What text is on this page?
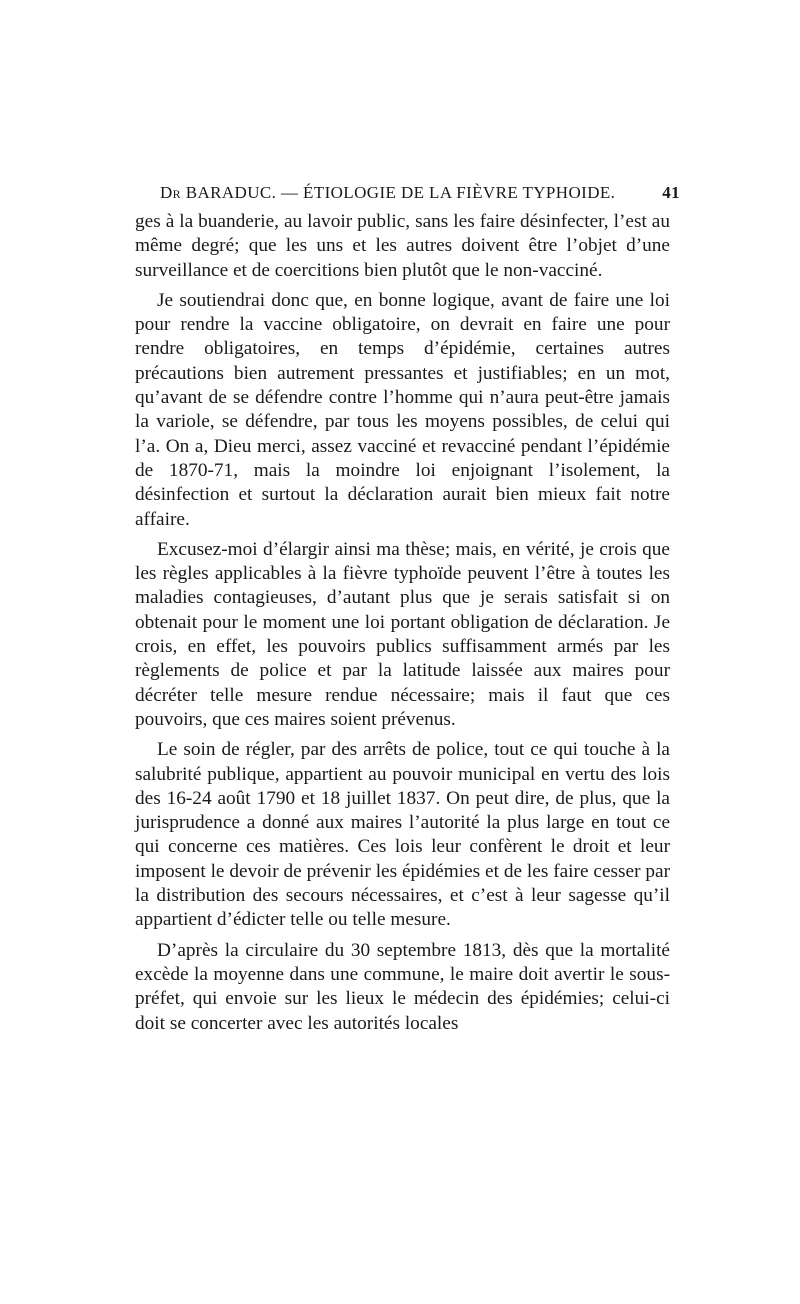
Dr BARADUC. — ÉTIOLOGIE DE LA FIÈVRE TYPHOIDE.	41

ges à la buanderie, au lavoir public, sans les faire désinfecter, l’est au même degré; que les uns et les autres doivent être l’objet d’une surveillance et de coercitions bien plutôt que le non-vacciné.

Je soutiendrai donc que, en bonne logique, avant de faire une loi pour rendre la vaccine obligatoire, on devrait en faire une pour rendre obligatoires, en temps d’épidémie, certaines autres précautions bien autrement pressantes et justifiables; en un mot, qu’avant de se défendre contre l’homme qui n’aura peut-être jamais la variole, se défendre, par tous les moyens possibles, de celui qui l’a. On a, Dieu merci, assez vacciné et revacciné pendant l’épidémie de 1870-71, mais la moindre loi enjoignant l’isolement, la désinfection et surtout la déclaration aurait bien mieux fait notre affaire.

Excusez-moi d’élargir ainsi ma thèse; mais, en vérité, je crois que les règles applicables à la fièvre typhoïde peuvent l’être à toutes les maladies contagieuses, d’autant plus que je serais satisfait si on obtenait pour le moment une loi portant obligation de déclaration. Je crois, en effet, les pouvoirs publics suffisamment armés par les règlements de police et par la latitude laissée aux maires pour décréter telle mesure rendue nécessaire; mais il faut que ces pouvoirs, que ces maires soient prévenus.

Le soin de régler, par des arrêts de police, tout ce qui touche à la salubrité publique, appartient au pouvoir municipal en vertu des lois des 16-24 août 1790 et 18 juillet 1837. On peut dire, de plus, que la jurisprudence a donné aux maires l’autorité la plus large en tout ce qui concerne ces matières. Ces lois leur confèrent le droit et leur imposent le devoir de prévenir les épidémies et de les faire cesser par la distribution des secours nécessaires, et c’est à leur sagesse qu’il appartient d’édicter telle ou telle mesure.

D’après la circulaire du 30 septembre 1813, dès que la mortalité excède la moyenne dans une commune, le maire doit avertir le sous-préfet, qui envoie sur les lieux le médecin des épidémies; celui-ci doit se concerter avec les autorités locales
